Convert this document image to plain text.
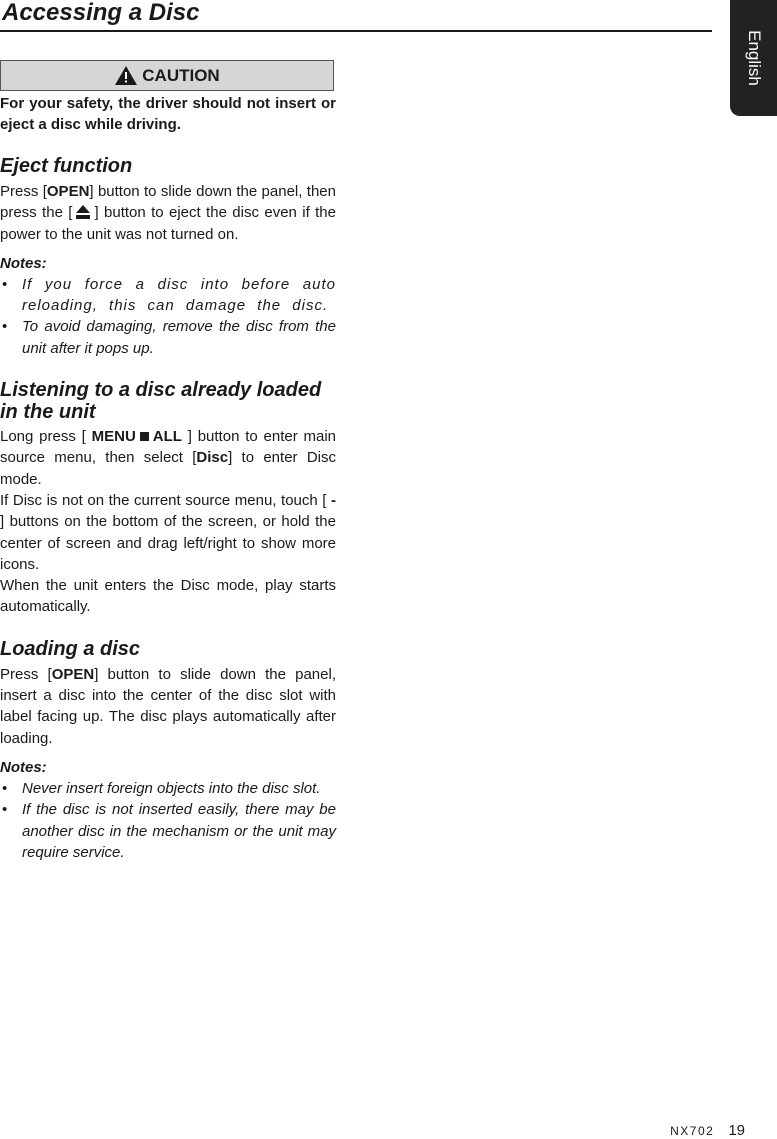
Accessing a Disc
English
CAUTION

For your safety, the driver should not insert or eject a disc while driving.

Eject function

Press [OPEN] button to slide down the panel, then press the [ ] button to eject the disc even if the power to the unit was not turned on.

Notes:

• If you force a disc into before auto reloading, this can damage the disc.
• To avoid damaging, remove the disc from the unit after it pops up.
Listening to a disc already loaded in the unit

Long press [ MENU ALL ] button to enter main source menu, then select [Disc] to enter Disc mode.

If Disc is not on the current source menu, touch [ - ] buttons on the bottom of the screen, or hold the center of screen and drag left/right to show more icons.

When the unit enters the Disc mode, play starts automatically.

Loading a disc

Press [OPEN] button to slide down the panel, insert a disc into the center of the disc slot with label facing up. The disc plays automatically after loading.

Notes:

• Never insert foreign objects into the disc slot.
• If the disc is not inserted easily, there may be another disc in the mechanism or the unit may require service.
NX702 19
